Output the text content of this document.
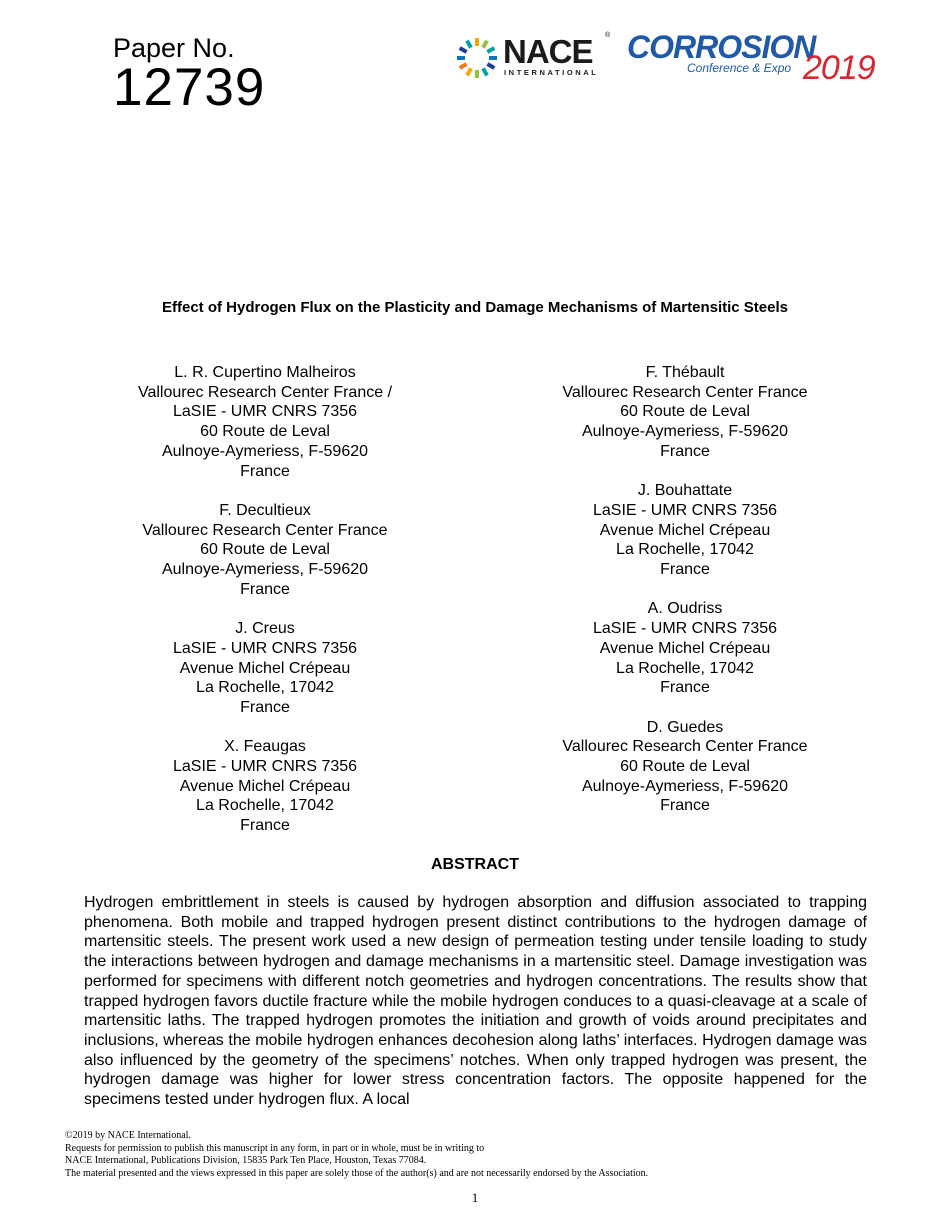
Paper No.
12739
NACE ®
INTERNATIONAL
CORROSION
Conference & Expo 2019
Effect of Hydrogen Flux on the Plasticity and Damage Mechanisms of Martensitic Steels
L. R. Cupertino Malheiros
Vallourec Research Center France /
LaSIE - UMR CNRS 7356
60 Route de Leval
Aulnoye-Aymeriess, F-59620
France
F. Decultieux
Vallourec Research Center France
60 Route de Leval
Aulnoye-Aymeriess, F-59620
France
J. Creus
LaSIE - UMR CNRS 7356
Avenue Michel Crépeau
La Rochelle, 17042
France
X. Feaugas
LaSIE - UMR CNRS 7356
Avenue Michel Crépeau
La Rochelle, 17042
France
F. Thébault
Vallourec Research Center France
60 Route de Leval
Aulnoye-Aymeriess, F-59620
France
J. Bouhattate
LaSIE - UMR CNRS 7356
Avenue Michel Crépeau
La Rochelle, 17042
France
A. Oudriss
LaSIE - UMR CNRS 7356
Avenue Michel Crépeau
La Rochelle, 17042
France
D. Guedes
Vallourec Research Center France
60 Route de Leval
Aulnoye-Aymeriess, F-59620
France
ABSTRACT
Hydrogen embrittlement in steels is caused by hydrogen absorption and diffusion associated to trapping phenomena. Both mobile and trapped hydrogen present distinct contributions to the hydrogen damage of martensitic steels. The present work used a new design of permeation testing under tensile loading to study the interactions between hydrogen and damage mechanisms in a martensitic steel. Damage investigation was performed for specimens with different notch geometries and hydrogen concentrations. The results show that trapped hydrogen favors ductile fracture while the mobile hydrogen conduces to a quasi-cleavage at a scale of martensitic laths. The trapped hydrogen promotes the initiation and growth of voids around precipitates and inclusions, whereas the mobile hydrogen enhances decohesion along laths’ interfaces. Hydrogen damage was also influenced by the geometry of the specimens’ notches. When only trapped hydrogen was present, the hydrogen damage was higher for lower stress concentration factors. The opposite happened for the specimens tested under hydrogen flux. A local
©2019 by NACE International.
Requests for permission to publish this manuscript in any form, in part or in whole, must be in writing to
NACE International, Publications Division, 15835 Park Ten Place, Houston, Texas 77084.
The material presented and the views expressed in this paper are solely those of the author(s) and are not necessarily endorsed by the Association.
1
